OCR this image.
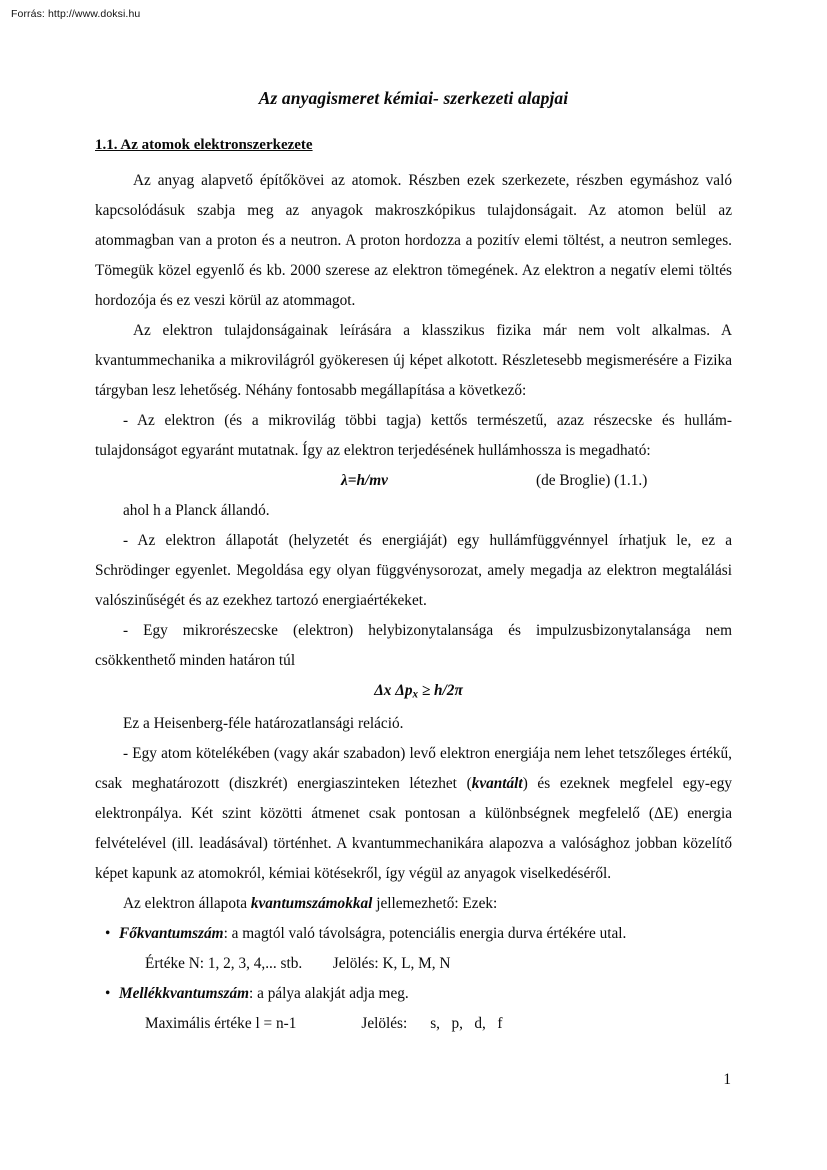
Forrás: http://www.doksi.hu
Az anyagismeret kémiai- szerkezeti alapjai
1.1. Az atomok elektronszerkezete

Az anyag alapvető építőkövei az atomok. Részben ezek szerkezete, részben egymáshoz való kapcsolódásuk szabja meg az anyagok makroszkópikus tulajdonságait. Az atomon belül az atommagban van a proton és a neutron. A proton hordozza a pozitív elemi töltést, a neutron semleges. Tömegük közel egyenlő és kb. 2000 szerese az elektron tömegének. Az elektron a negatív elemi töltés hordozója és ez veszi körül az atommagot.

Az elektron tulajdonságainak leírására a klasszikus fizika már nem volt alkalmas. A kvantummechanika a mikrovilágról gyökeresen új képet alkotott. Részletesebb megismerésére a Fizika tárgyban lesz lehetőség. Néhány fontosabb megállapítása a következő:

- Az elektron (és a mikrovilág többi tagja) kettős természetű, azaz részecske és hullám-tulajdonságot egyaránt mutatnak. Így az elektron terjedésének hullámhossza is megadható:

λ=h/mv	(de Broglie) (1.1.)

ahol h a Planck állandó.

- Az elektron állapotát (helyzetét és energiáját) egy hullámfüggvénnyel írhatjuk le, ez a Schrödinger egyenlet. Megoldása egy olyan függvénysorozat, amely megadja az elektron megtalálási valószinűségét és az ezekhez tartozó energiaértékeket.

- Egy mikrorészecske (elektron) helybizonytalansága és impulzusbizonytalansága nem csökkenthető minden határon túl

Δx $\Delta p_x \ge h/2\pi$

Ez a Heisenberg-féle határozatlansági reláció.

- Egy atom kötelékében (vagy akár szabadon) levő elektron energiája nem lehet tetszőleges értékű, csak meghatározott (diszkrét) energiaszinteken létezhet (kvantált) és ezeknek megfelel egy-egy elektronpálya. Két szint közötti átmenet csak pontosan a különbségnek megfelelő (ΔE) energia felvételével (ill. leadásával) történhet. A kvantummechanikára alapozva a valósághoz jobban közelítő képet kapunk az atomokról, kémiai kötésekről, így végül az anyagok viselkedéséről.

Az elektron állapota kvantumszámokkal jellemezhető: Ezek:

• Főkvantumszám: a magtól való távolságra, potenciális energia durva értékére utal.

Értéke N: 1, 2, 3, 4,... stb.        Jelölés: K, L, M, N

• Mellékkvantumszám: a pálya alakját adja meg.

Maximális értéke l = n-1                 Jelölés:      s,   p,   d,   f

1
